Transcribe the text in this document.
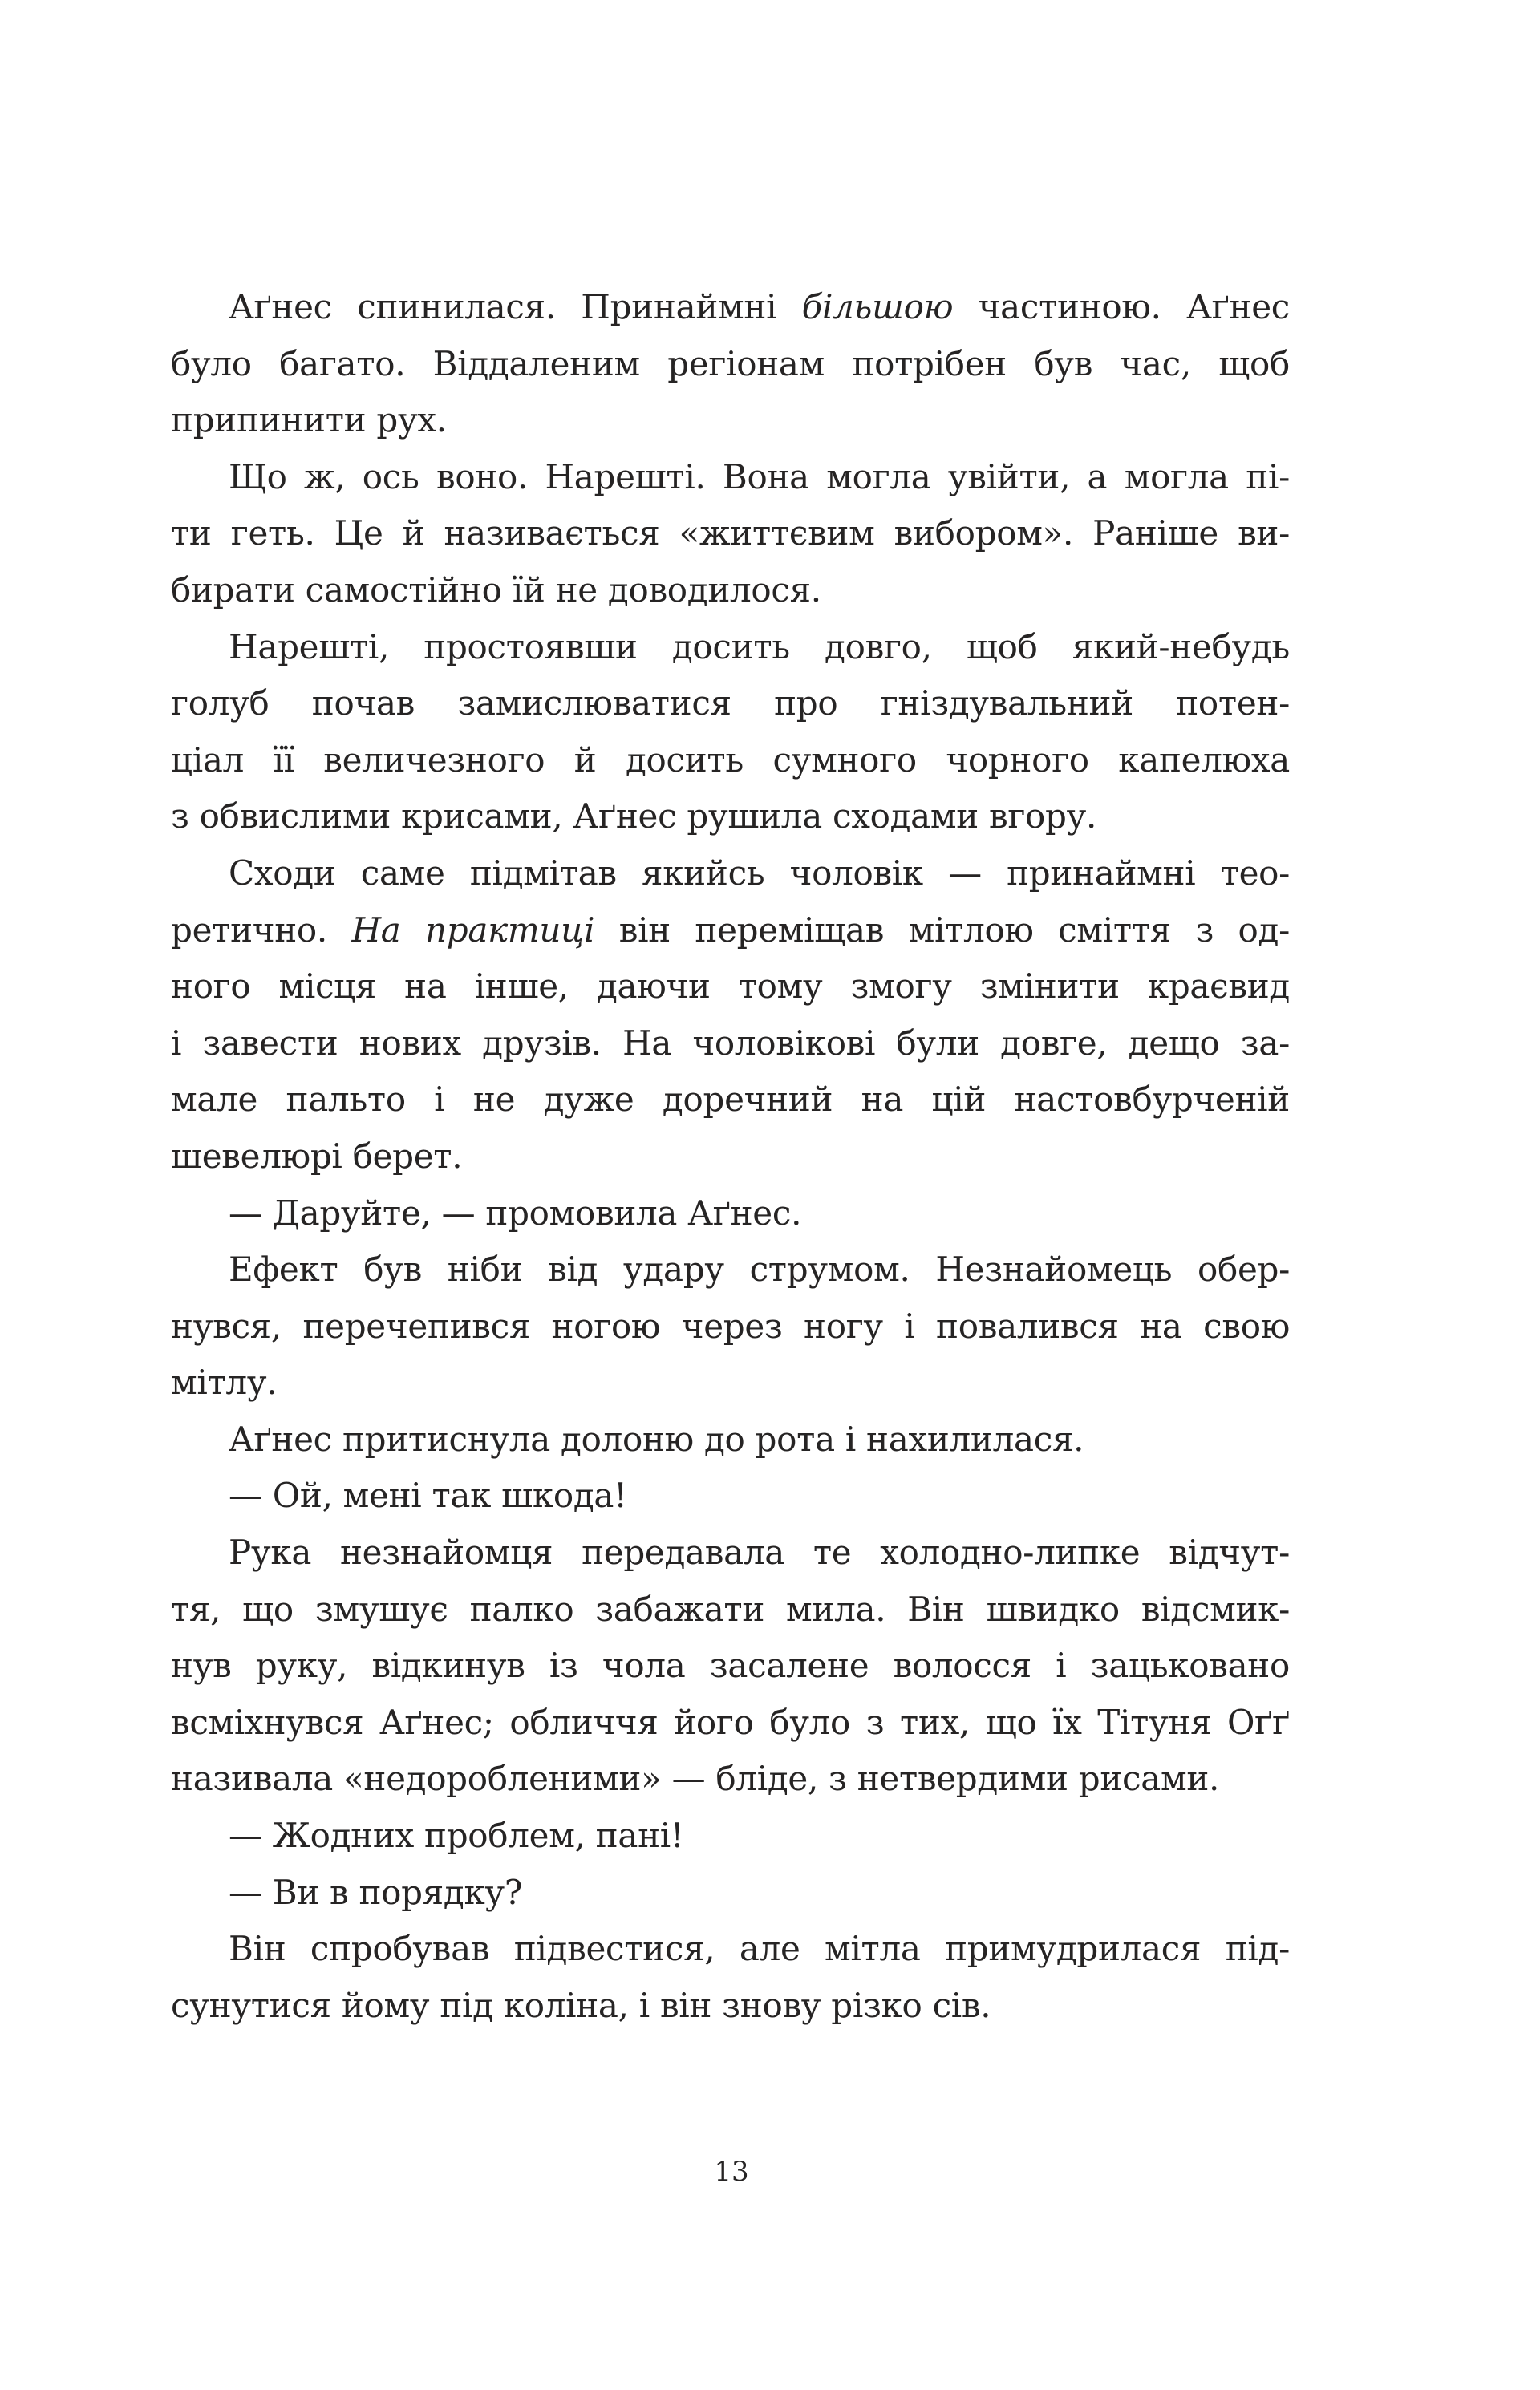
Аґнес спинилася. Принаймні більшою частиною. Аґнес
було багато. Віддаленим регіонам потрібен був час, щоб
припинити рух.
Що ж, ось воно. Нарешті. Вона могла увійти, а могла пі-
ти геть. Це й називається «життєвим вибором». Раніше ви-
бирати самостійно їй не доводилося.
Нарешті, простоявши досить довго, щоб який-небудь
голуб почав замислюватися про гніздувальний потен-
ціал її величезного й досить сумного чорного капелюха
з обвислими крисами, Аґнес рушила сходами вгору.
Сходи саме підмітав якийсь чоловік — принаймні тео-
ретично. На практиці він переміщав мітлою сміття з од-
ного місця на інше, даючи тому змогу змінити краєвид
і завести нових друзів. На чоловікові були довге, дещо за-
мале пальто і не дуже доречний на цій настовбурченій
шевелюрі берет.
— Даруйте, — промовила Аґнес.
Ефект був ніби від удару струмом. Незнайомець обер-
нувся, перечепився ногою через ногу і повалився на свою
мітлу.
Аґнес притиснула долоню до рота і нахилилася.
— Ой, мені так шкода!
Рука незнайомця передавала те холодно-липке відчут-
тя, що змушує палко забажати мила. Він швидко відсмик-
нув руку, відкинув із чола засалене волосся і зацьковано
всміхнувся Аґнес; обличчя його було з тих, що їх Тітуня Оґґ
називала «недоробленими» — бліде, з нетвердими рисами.
— Жодних проблем, пані!
— Ви в порядку?
Він спробував підвестися, але мітла примудрилася під-
сунутися йому під коліна, і він знову різко сів.
13
